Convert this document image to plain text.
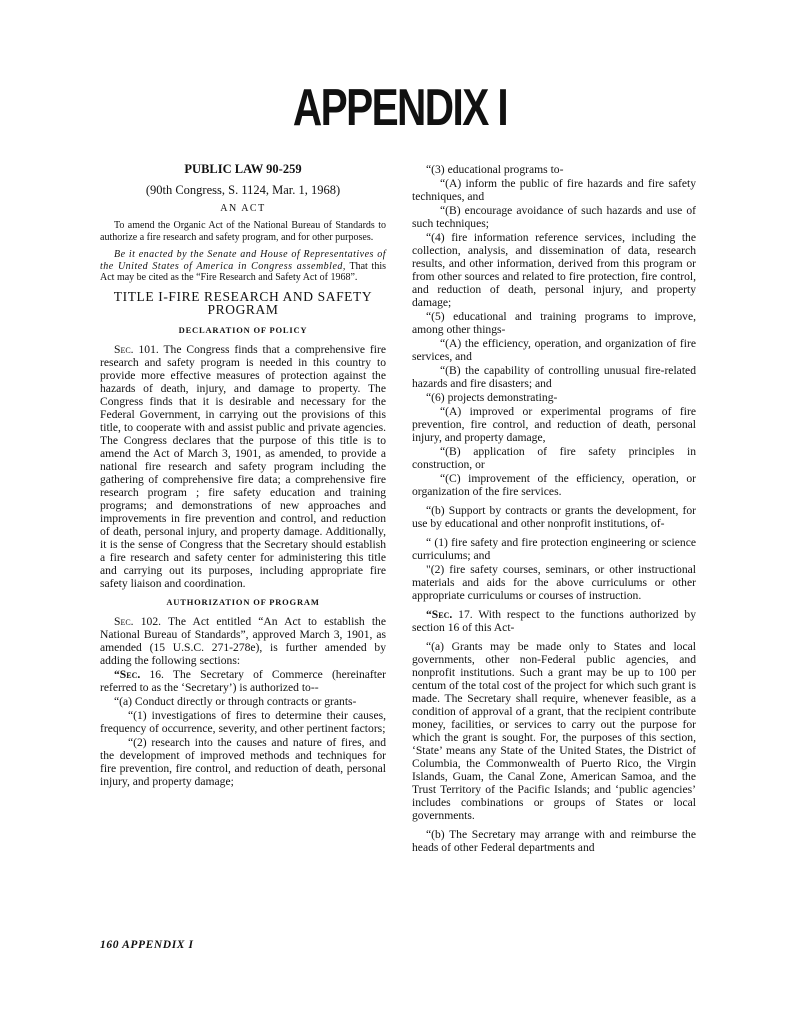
APPENDIX I

PUBLIC LAW 90-259

(90th Congress, S. 1124, Mar. 1, 1968)

AN ACT

To amend the Organic Act of the National Bureau of Standards to authorize a fire research and safety program, and for other purposes.

Be it enacted by the Senate and House of Representatives of the United States of America in Congress assembled, That this Act may be cited as the “Fire Research and Safety Act of 1968”.

TITLE I-FIRE RESEARCH AND SAFETY PROGRAM

DECLARATION OF POLICY

Sec. 101. The Congress finds that a comprehensive fire research and safety program is needed in this country to provide more effective measures of protection against the hazards of death, injury, and damage to property. The Congress finds that it is desirable and necessary for the Federal Government, in carrying out the provisions of this title, to cooperate with and assist public and private agencies. The Congress declares that the purpose of this title is to amend the Act of March 3, 1901, as amended, to provide a national fire research and safety program including the gathering of comprehensive fire data; a comprehensive fire research program ; fire safety education and training programs; and demonstrations of new approaches and improvements in fire prevention and control, and reduction of death, personal injury, and property damage. Additionally, it is the sense of Congress that the Secretary should establish a fire research and safety center for administering this title and carrying out its purposes, including appropriate fire safety liaison and coordination.

AUTHORIZATION OF PROGRAM

Sec. 102. The Act entitled “An Act to establish the National Bureau of Standards”, approved March 3, 1901, as amended (15 U.S.C. 271-278e), is further amended by adding the following sections:

“Sec. 16. The Secretary of Commerce (hereinafter referred to as the ‘Secretary’) is authorized to--

“(a) Conduct directly or through contracts or grants-

“(1) investigations of fires to determine their causes, frequency of occurrence, severity, and other pertinent factors;

“(2) research into the causes and nature of fires, and the development of improved methods and techniques for fire prevention, fire control, and reduction of death, personal injury, and property damage;

“(3) educational programs to-

“(A) inform the public of fire hazards and fire safety techniques, and

“(B) encourage avoidance of such hazards and use of such techniques;

“(4) fire information reference services, including the collection, analysis, and dissemination of data, research results, and other information, derived from this program or from other sources and related to fire protection, fire control, and reduction of death, personal injury, and property damage;

“(5) educational and training programs to improve, among other things-

“(A) the efficiency, operation, and organization of fire services, and

“(B) the capability of controlling unusual fire-related hazards and fire disasters; and

“(6) projects demonstrating-

“(A) improved or experimental programs of fire prevention, fire control, and reduction of death, personal injury, and property damage,

“(B) application of fire safety principles in construction, or

“(C) improvement of the efficiency, operation, or organization of the fire services.

“(b) Support by contracts or grants the development, for use by educational and other nonprofit institutions, of-

“ (1) fire safety and fire protection engineering or science curriculums; and

"(2) fire safety courses, seminars, or other instructional materials and aids for the above curriculums or other appropriate curriculums or courses of instruction.

“Sec. 17. With respect to the functions authorized by section 16 of this Act-

“(a) Grants may be made only to States and local governments, other non-Federal public agencies, and nonprofit institutions. Such a grant may be up to 100 per centum of the total cost of the project for which such grant is made. The Secretary shall require, whenever feasible, as a condition of approval of a grant, that the recipient contribute money, facilities, or services to carry out the purpose for which the grant is sought. For, the purposes of this section, ‘State’ means any State of the United States, the District of Columbia, the Commonwealth of Puerto Rico, the Virgin Islands, Guam, the Canal Zone, American Samoa, and the Trust Territory of the Pacific Islands; and ‘public agencies’ includes combinations or groups of States or local governments.

“(b) The Secretary may arrange with and reimburse the heads of other Federal departments and

160 APPENDIX I
